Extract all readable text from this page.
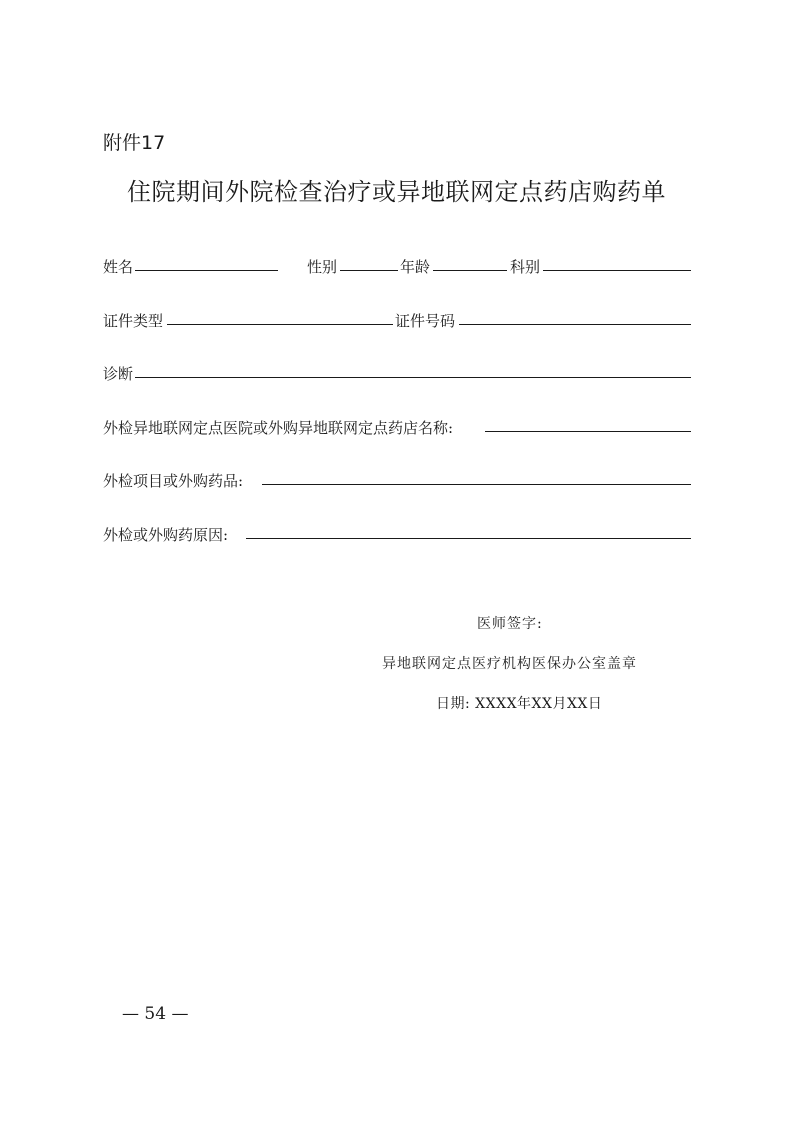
附件17
住院期间外院检查治疗或异地联网定点药店购药单
姓名	性别	年龄	科别
证件类型	证件号码
诊断
外检异地联网定点医院或外购异地联网定点药店名称:
外检项目或外购药品:
外检或外购药原因:
医师签字:
异地联网定点医疗机构医保办公室盖章
日期: XXXX年XX月XX日
— 54 —
